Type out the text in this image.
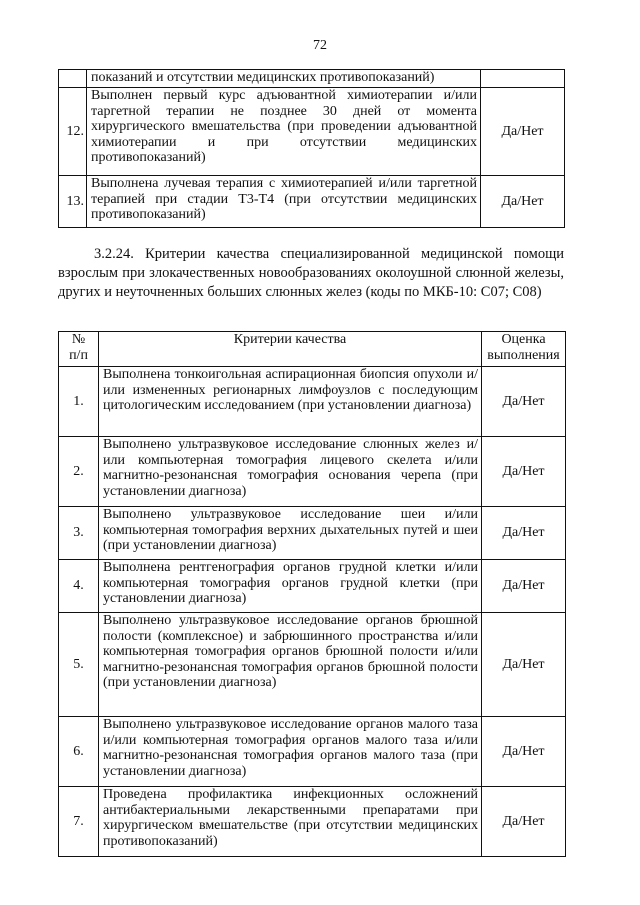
72
	показаний и отсутствии медицинских противопоказаний)	
12.	Выполнен первый курс адъювантной химиотерапии и/или таргетной терапии не позднее 30 дней от момента хирургического вмешательства (при проведении адъювантной химиотерапии и при отсутствии медицинских противопоказаний)	Да/Нет
13.	Выполнена лучевая терапия с химиотерапией и/или таргетной терапией при стадии Т3-Т4 (при отсутствии медицинских противопоказаний)	Да/Нет
3.2.24. Критерии качества специализированной медицинской помощи взрослым при злокачественных новообразованиях околоушной слюнной железы, других и неуточненных больших слюнных желез (коды по МКБ-10: С07; С08)
№ п/п	Критерии качества	Оценка выполнения
1.	Выполнена тонкоигольная аспирационная биопсия опухоли и/или измененных регионарных лимфоузлов с последующим цитологическим исследованием (при установлении диагноза)	Да/Нет
2.	Выполнено ультразвуковое исследование слюнных желез и/или компьютерная томография лицевого скелета и/или магнитно-резонансная томография основания черепа (при установлении диагноза)	Да/Нет
3.	Выполнено ультразвуковое исследование шеи и/или компьютерная томография верхних дыхательных путей и шеи (при установлении диагноза)	Да/Нет
4.	Выполнена рентгенография органов грудной клетки и/или компьютерная томография органов грудной клетки (при установлении диагноза)	Да/Нет
5.	Выполнено ультразвуковое исследование органов брюшной полости (комплексное) и забрюшинного пространства и/или компьютерная томография органов брюшной полости и/или магнитно-резонансная томография органов брюшной полости (при установлении диагноза)	Да/Нет
6.	Выполнено ультразвуковое исследование органов малого таза и/или компьютерная томография органов малого таза и/или магнитно-резонансная томография органов малого таза (при установлении диагноза)	Да/Нет
7.	Проведена профилактика инфекционных осложнений антибактериальными лекарственными препаратами при хирургическом вмешательстве (при отсутствии медицинских противопоказаний)	Да/Нет
